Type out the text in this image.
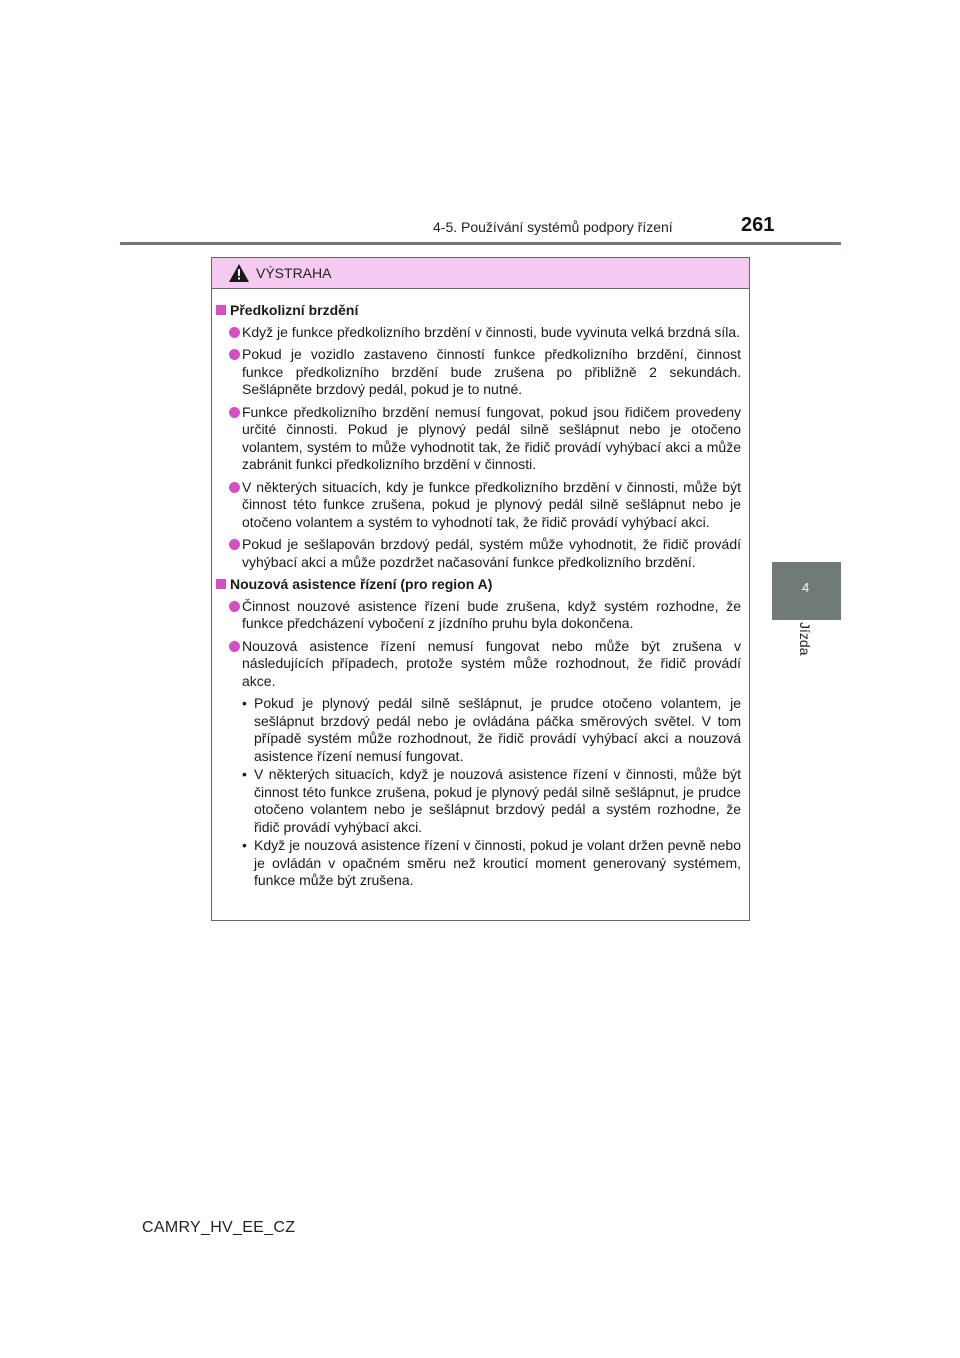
4-5. Používání systémů podpory řízení	261
4
Jízda
VÝSTRAHA
Předkolizní brzdění
Když je funkce předkolizního brzdění v činnosti, bude vyvinuta velká brzdná síla.
Pokud je vozidlo zastaveno činností funkce předkolizního brzdění, činnost funkce předkolizního brzdění bude zrušena po přibližně 2 sekundách. Sešlápněte brzdový pedál, pokud je to nutné.
Funkce předkolizního brzdění nemusí fungovat, pokud jsou řidičem provedeny určité činnosti. Pokud je plynový pedál silně sešlápnut nebo je otočeno volantem, systém to může vyhodnotit tak, že řidič provádí vyhýbací akci a může zabránit funkci předkolizního brzdění v činnosti.
V některých situacích, kdy je funkce předkolizního brzdění v činnosti, může být činnost této funkce zrušena, pokud je plynový pedál silně sešlápnut nebo je otočeno volantem a systém to vyhodnotí tak, že řidič provádí vyhýbací akci.
Pokud je sešlapován brzdový pedál, systém může vyhodnotit, že řidič provádí vyhýbací akci a může pozdržet načasování funkce předkolizního brzdění.
Nouzová asistence řízení (pro region A)
Činnost nouzové asistence řízení bude zrušena, když systém rozhodne, že funkce předcházení vybočení z jízdního pruhu byla dokončena.
Nouzová asistence řízení nemusí fungovat nebo může být zrušena v následujících případech, protože systém může rozhodnout, že řidič provádí akce.
• Pokud je plynový pedál silně sešlápnut, je prudce otočeno volantem, je sešlápnut brzdový pedál nebo je ovládána páčka směrových světel. V tom případě systém může rozhodnout, že řidič provádí vyhýbací akci a nouzová asistence řízení nemusí fungovat.
• V některých situacích, když je nouzová asistence řízení v činnosti, může být činnost této funkce zrušena, pokud je plynový pedál silně sešlápnut, je prudce otočeno volantem nebo je sešlápnut brzdový pedál a systém rozhodne, že řidič provádí vyhýbací akci.
• Když je nouzová asistence řízení v činnosti, pokud je volant držen pevně nebo je ovládán v opačném směru než krouticí moment generovaný systémem, funkce může být zrušena.
CAMRY_HV_EE_CZ
